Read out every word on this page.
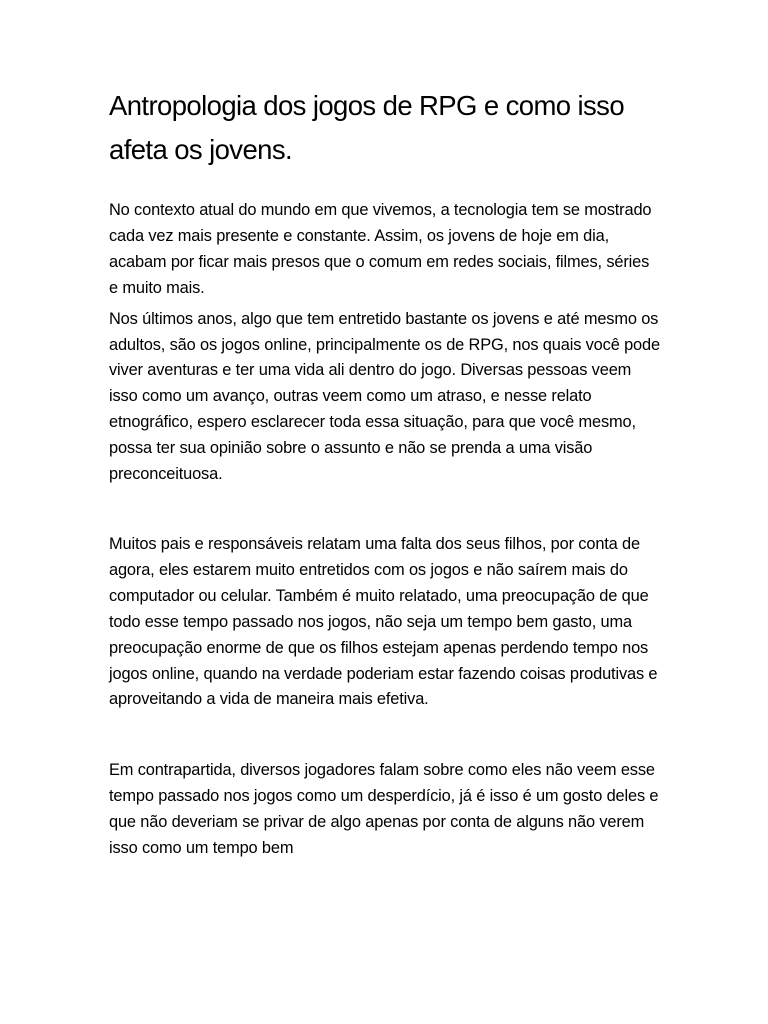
Antropologia dos jogos de RPG e como isso afeta os jovens.

No contexto atual do mundo em que vivemos, a tecnologia tem se mostrado cada vez mais presente e constante. Assim, os jovens de hoje em dia, acabam por ficar mais presos que o comum em redes sociais, filmes, séries e muito mais.

Nos últimos anos, algo que tem entretido bastante os jovens e até mesmo os adultos, são os jogos online, principalmente os de RPG, nos quais você pode viver aventuras e ter uma vida ali dentro do jogo. Diversas pessoas veem isso como um avanço, outras veem como um atraso, e nesse relato etnográfico, espero esclarecer toda essa situação, para que você mesmo, possa ter sua opinião sobre o assunto e não se prenda a uma visão preconceituosa.

Muitos pais e responsáveis relatam uma falta dos seus filhos, por conta de agora, eles estarem muito entretidos com os jogos e não saírem mais do computador ou celular. Também é muito relatado, uma preocupação de que todo esse tempo passado nos jogos, não seja um tempo bem gasto, uma preocupação enorme de que os filhos estejam apenas perdendo tempo nos jogos online, quando na verdade poderiam estar fazendo coisas produtivas e aproveitando a vida de maneira mais efetiva.

Em contrapartida, diversos jogadores falam sobre como eles não veem esse tempo passado nos jogos como um desperdício, já é isso é um gosto deles e que não deveriam se privar de algo apenas por conta de alguns não verem isso como um tempo bem
